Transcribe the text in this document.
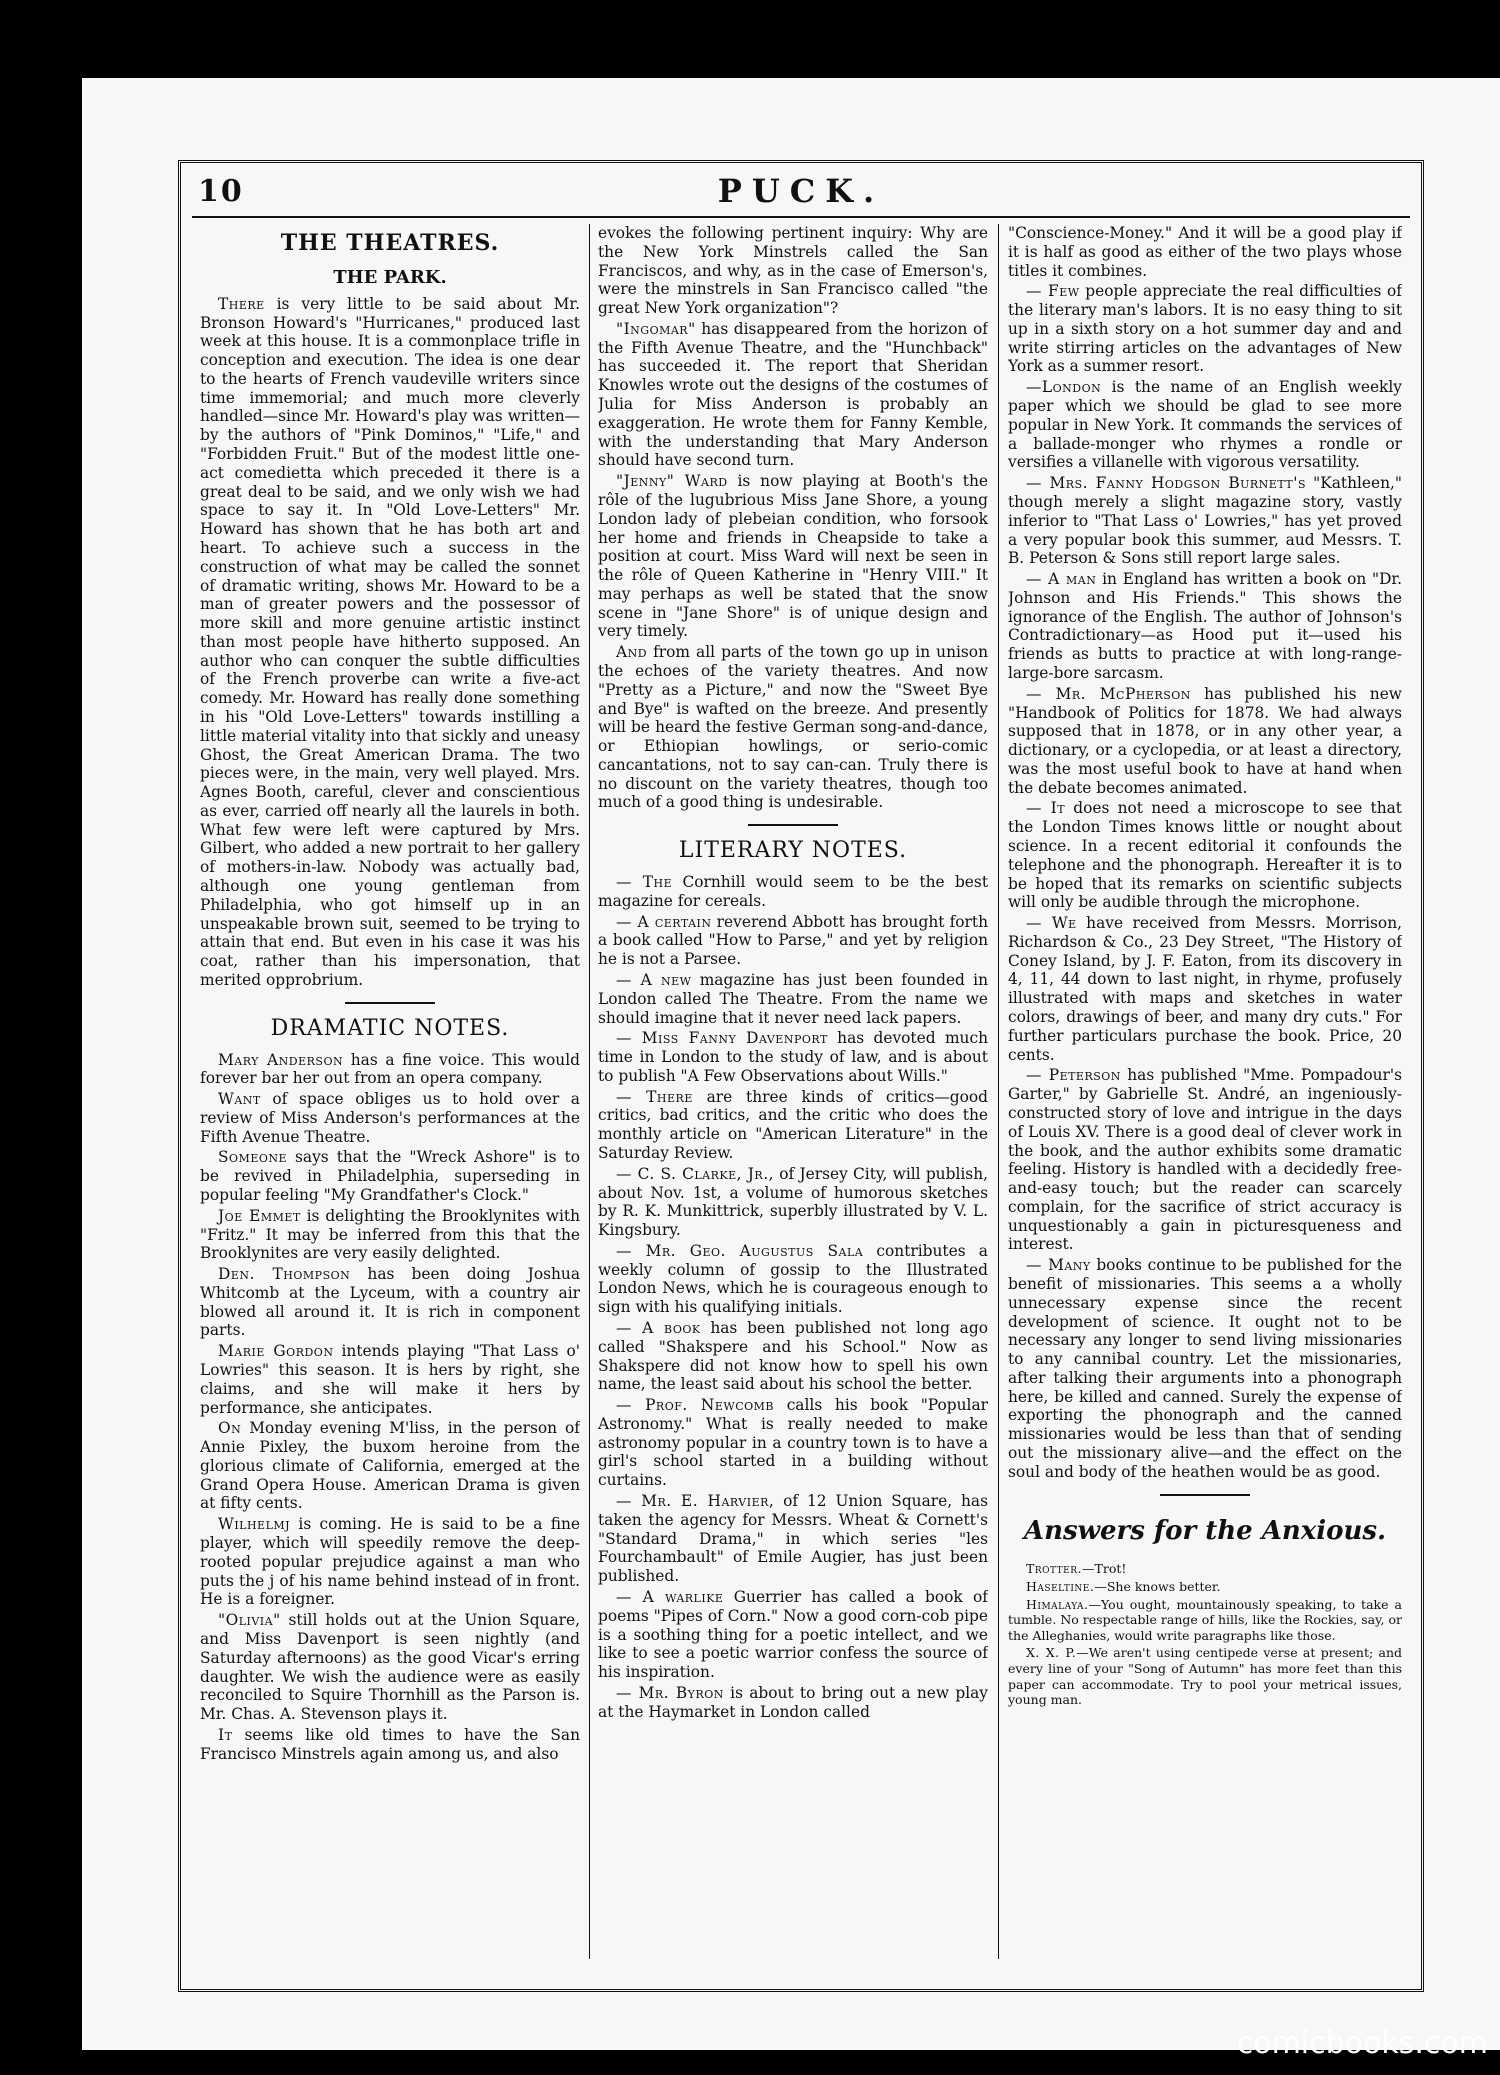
10	PUCK.
THE THEATRES.
THE PARK.

There is very little to be said about Mr. Bronson Howard's "Hurricanes," produced last week at this house. It is a commonplace trifle in conception and execution. The idea is one dear to the hearts of French vaudeville writers since time immemorial; and much more cleverly handled—since Mr. Howard's play was written—by the authors of "Pink Dominos," "Life," and "Forbidden Fruit." But of the modest little one-act comedietta which preceded it there is a great deal to be said, and we only wish we had space to say it. In "Old Love-Letters" Mr. Howard has shown that he has both art and heart. To achieve such a success in the construction of what may be called the sonnet of dramatic writing, shows Mr. Howard to be a man of greater powers and the possessor of more skill and more genuine artistic instinct than most people have hitherto supposed. An author who can conquer the subtle difficulties of the French proverbe can write a five-act comedy. Mr. Howard has really done something in his "Old Love-Letters" towards instilling a little material vitality into that sickly and uneasy Ghost, the Great American Drama. The two pieces were, in the main, very well played. Mrs. Agnes Booth, careful, clever and conscientious as ever, carried off nearly all the laurels in both. What few were left were captured by Mrs. Gilbert, who added a new portrait to her gallery of mothers-in-law. Nobody was actually bad, although one young gentleman from Philadelphia, who got himself up in an unspeakable brown suit, seemed to be trying to attain that end. But even in his case it was his coat, rather than his impersonation, that merited opprobrium.

DRAMATIC NOTES.

Mary Anderson has a fine voice. This would forever bar her out from an opera company.

Want of space obliges us to hold over a review of Miss Anderson's performances at the Fifth Avenue Theatre.

Someone says that the "Wreck Ashore" is to be revived in Philadelphia, superseding in popular feeling "My Grandfather's Clock."

Joe Emmet is delighting the Brooklynites with "Fritz." It may be inferred from this that the Brooklynites are very easily delighted.

Den. Thompson has been doing Joshua Whitcomb at the Lyceum, with a country air blowed all around it. It is rich in component parts.

Marie Gordon intends playing "That Lass o' Lowries" this season. It is hers by right, she claims, and she will make it hers by performance, she anticipates.

On Monday evening M'liss, in the person of Annie Pixley, the buxom heroine from the glorious climate of California, emerged at the Grand Opera House. American Drama is given at fifty cents.

Wilhelmj is coming. He is said to be a fine player, which will speedily remove the deep-rooted popular prejudice against a man who puts the j of his name behind instead of in front. He is a foreigner.

"Olivia" still holds out at the Union Square, and Miss Davenport is seen nightly (and Saturday afternoons) as the good Vicar's erring daughter. We wish the audience were as easily reconciled to Squire Thornhill as the Parson is. Mr. Chas. A. Stevenson plays it.

It seems like old times to have the San Francisco Minstrels again among us, and also

evokes the following pertinent inquiry: Why are the New York Minstrels called the San Franciscos, and why, as in the case of Emerson's, were the minstrels in San Francisco called "the great New York organization"?

"Ingomar" has disappeared from the horizon of the Fifth Avenue Theatre, and the "Hunchback" has succeeded it. The report that Sheridan Knowles wrote out the designs of the costumes of Julia for Miss Anderson is probably an exaggeration. He wrote them for Fanny Kemble, with the understanding that Mary Anderson should have second turn.

"Jenny" Ward is now playing at Booth's the rôle of the lugubrious Miss Jane Shore, a young London lady of plebeian condition, who forsook her home and friends in Cheapside to take a position at court. Miss Ward will next be seen in the rôle of Queen Katherine in "Henry VIII." It may perhaps as well be stated that the snow scene in "Jane Shore" is of unique design and very timely.

And from all parts of the town go up in unison the echoes of the variety theatres. And now "Pretty as a Picture," and now the "Sweet Bye and Bye" is wafted on the breeze. And presently will be heard the festive German song-and-dance, or Ethiopian howlings, or serio-comic cancantations, not to say can-can. Truly there is no discount on the variety theatres, though too much of a good thing is undesirable.

LITERARY NOTES.

— The Cornhill would seem to be the best magazine for cereals.

— A certain reverend Abbott has brought forth a book called "How to Parse," and yet by religion he is not a Parsee.

— A new magazine has just been founded in London called The Theatre. From the name we should imagine that it never need lack papers.

— Miss Fanny Davenport has devoted much time in London to the study of law, and is about to publish "A Few Observations about Wills."

— There are three kinds of critics—good critics, bad critics, and the critic who does the monthly article on "American Literature" in the Saturday Review.

— C. S. Clarke, Jr., of Jersey City, will publish, about Nov. 1st, a volume of humorous sketches by R. K. Munkittrick, superbly illustrated by V. L. Kingsbury.

— Mr. Geo. Augustus Sala contributes a weekly column of gossip to the Illustrated London News, which he is courageous enough to sign with his qualifying initials.

— A book has been published not long ago called "Shakspere and his School." Now as Shakspere did not know how to spell his own name, the least said about his school the better.

— Prof. Newcomb calls his book "Popular Astronomy." What is really needed to make astronomy popular in a country town is to have a girl's school started in a building without curtains.

— Mr. E. Harvier, of 12 Union Square, has taken the agency for Messrs. Wheat & Cornett's "Standard Drama," in which series "les Fourchambault" of Emile Augier, has just been published.

— A warlike Guerrier has called a book of poems "Pipes of Corn." Now a good corn-cob pipe is a soothing thing for a poetic intellect, and we like to see a poetic warrior confess the source of his inspiration.

— Mr. Byron is about to bring out a new play at the Haymarket in London called

"Conscience-Money." And it will be a good play if it is half as good as either of the two plays whose titles it combines.

— Few people appreciate the real difficulties of the literary man's labors. It is no easy thing to sit up in a sixth story on a hot summer day and and write stirring articles on the advantages of New York as a summer resort.

—London is the name of an English weekly paper which we should be glad to see more popular in New York. It commands the services of a ballade-monger who rhymes a rondle or versifies a villanelle with vigorous versatility.

— Mrs. Fanny Hodgson Burnett's "Kathleen," though merely a slight magazine story, vastly inferior to "That Lass o' Lowries," has yet proved a very popular book this summer, aud Messrs. T. B. Peterson & Sons still report large sales.

— A man in England has written a book on "Dr. Johnson and His Friends." This shows the ignorance of the English. The author of Johnson's Contradictionary—as Hood put it—used his friends as butts to practice at with long-range-large-bore sarcasm.

— Mr. McPherson has published his new "Handbook of Politics for 1878. We had always supposed that in 1878, or in any other year, a dictionary, or a cyclopedia, or at least a directory, was the most useful book to have at hand when the debate becomes animated.

— It does not need a microscope to see that the London Times knows little or nought about science. In a recent editorial it confounds the telephone and the phonograph. Hereafter it is to be hoped that its remarks on scientific subjects will only be audible through the microphone.

— We have received from Messrs. Morrison, Richardson & Co., 23 Dey Street, "The History of Coney Island, by J. F. Eaton, from its discovery in 4, 11, 44 down to last night, in rhyme, profusely illustrated with maps and sketches in water colors, drawings of beer, and many dry cuts." For further particulars purchase the book. Price, 20 cents.

— Peterson has published "Mme. Pompadour's Garter," by Gabrielle St. André, an ingeniously-constructed story of love and intrigue in the days of Louis XV. There is a good deal of clever work in the book, and the author exhibits some dramatic feeling. History is handled with a decidedly free-and-easy touch; but the reader can scarcely complain, for the sacrifice of strict accuracy is unquestionably a gain in picturesqueness and interest.

— Many books continue to be published for the benefit of missionaries. This seems a a wholly unnecessary expense since the recent development of science. It ought not to be necessary any longer to send living missionaries to any cannibal country. Let the missionaries, after talking their arguments into a phonograph here, be killed and canned. Surely the expense of exporting the phonograph and the canned missionaries would be less than that of sending out the missionary alive—and the effect on the soul and body of the heathen would be as good.

Answers for the Anxious.

Trotter.—Trot!

Haseltine.—She knows better.

Himalaya.—You ought, mountainously speaking, to take a tumble. No respectable range of hills, like the Rockies, say, or the Alleghanies, would write paragraphs like those.

X. X. P.—We aren't using centipede verse at present; and every line of your "Song of Autumn" has more feet than this paper can accommodate. Try to pool your metrical issues, young man.

comicbooks.com
